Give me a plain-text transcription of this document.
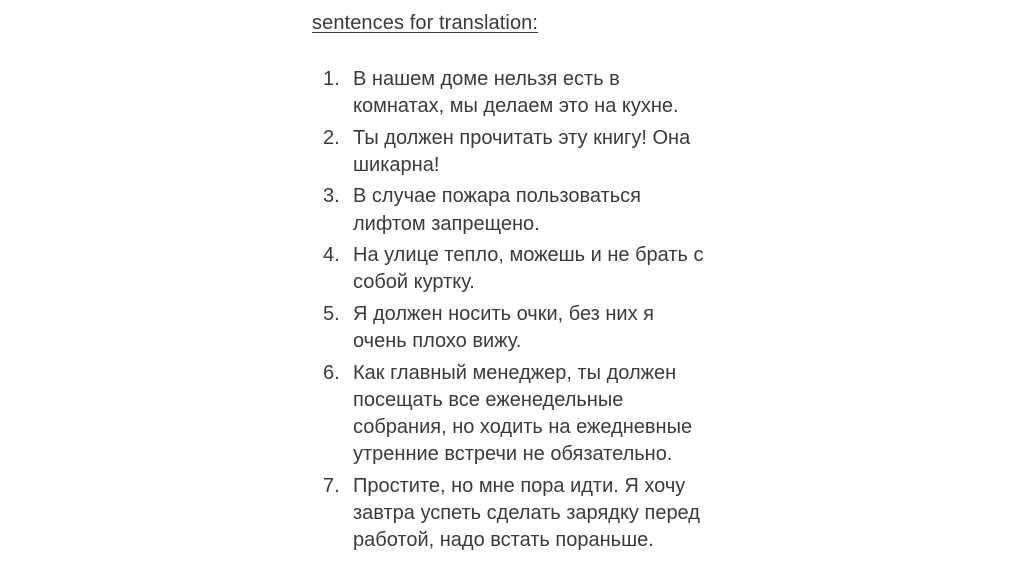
sentences for translation:
1. В нашем доме нельзя есть в
комнатах, мы делаем это на кухне.
2. Ты должен прочитать эту книгу! Она
шикарна!
3. В случае пожара пользоваться
лифтом запрещено.
4. На улице тепло, можешь и не брать с
собой куртку.
5. Я должен носить очки, без них я
очень плохо вижу.
6. Как главный менеджер, ты должен
посещать все еженедельные
собрания, но ходить на ежедневные
утренние встречи не обязательно.
7. Простите, но мне пора идти. Я хочу
завтра успеть сделать зарядку перед
работой, надо встать пораньше.
